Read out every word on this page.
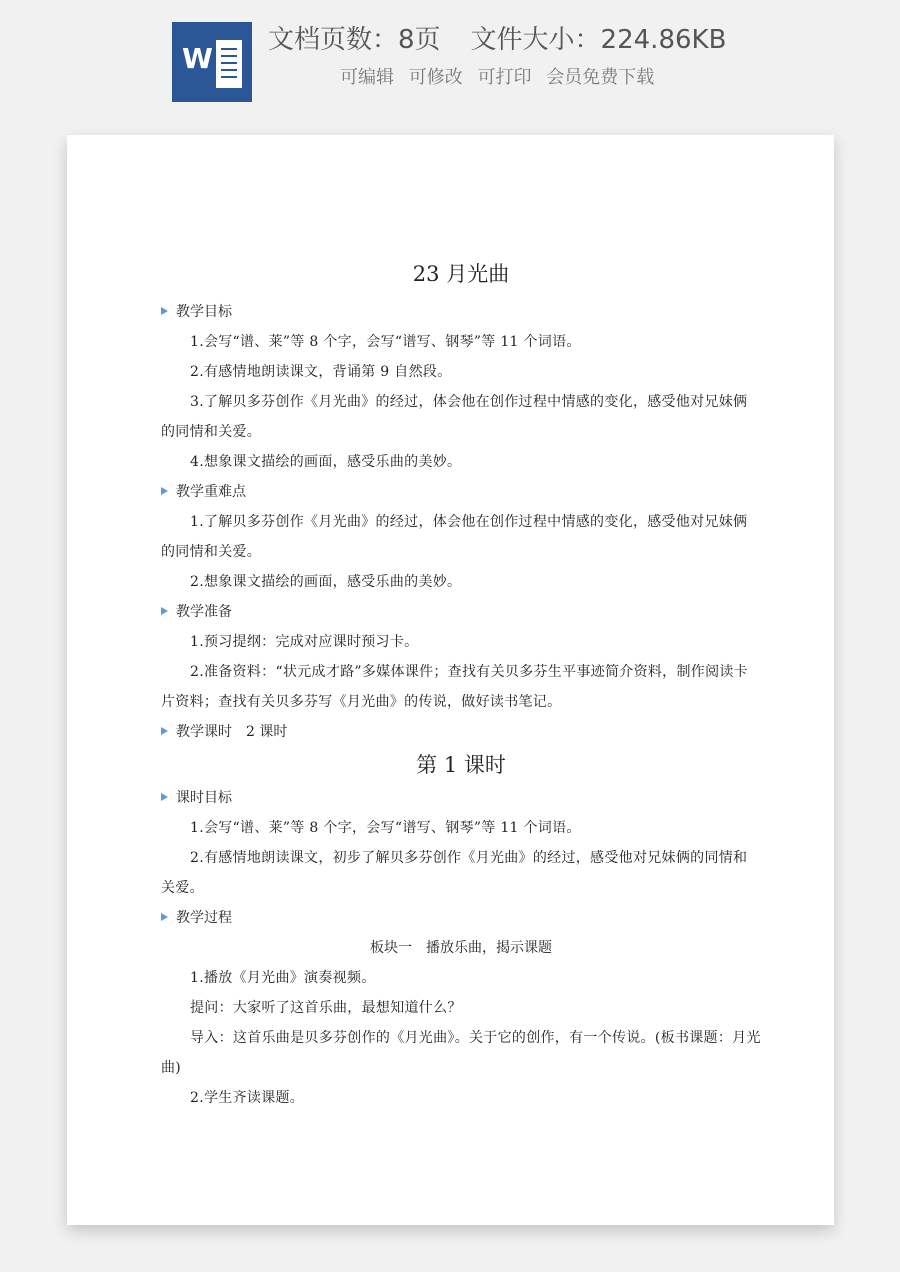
W
文档页数：8页 文件大小：224.86KB
可编辑 可修改 可打印 会员免费下载
23 月光曲
教学目标
1.会写“谱、莱”等 8 个字，会写“谱写、钢琴”等 11 个词语。
2.有感情地朗读课文，背诵第 9 自然段。
3.了解贝多芬创作《月光曲》的经过，体会他在创作过程中情感的变化，感受他对兄妹俩的同情和关爱。
4.想象课文描绘的画面，感受乐曲的美妙。
教学重难点
1.了解贝多芬创作《月光曲》的经过，体会他在创作过程中情感的变化，感受他对兄妹俩的同情和关爱。
2.想象课文描绘的画面，感受乐曲的美妙。
教学准备
1.预习提纲：完成对应课时预习卡。
2.准备资料：“状元成才路”多媒体课件；查找有关贝多芬生平事迹简介资料，制作阅读卡片资料；查找有关贝多芬写《月光曲》的传说，做好读书笔记。
教学课时　2 课时
第 1 课时
课时目标
1.会写“谱、莱”等 8 个字，会写“谱写、钢琴”等 11 个词语。
2.有感情地朗读课文，初步了解贝多芬创作《月光曲》的经过，感受他对兄妹俩的同情和关爱。
教学过程
板块一　播放乐曲，揭示课题
1.播放《月光曲》演奏视频。
提问：大家听了这首乐曲，最想知道什么？
导入：这首乐曲是贝多芬创作的《月光曲》。关于它的创作，有一个传说。(板书课题：月光曲)
2.学生齐读课题。
